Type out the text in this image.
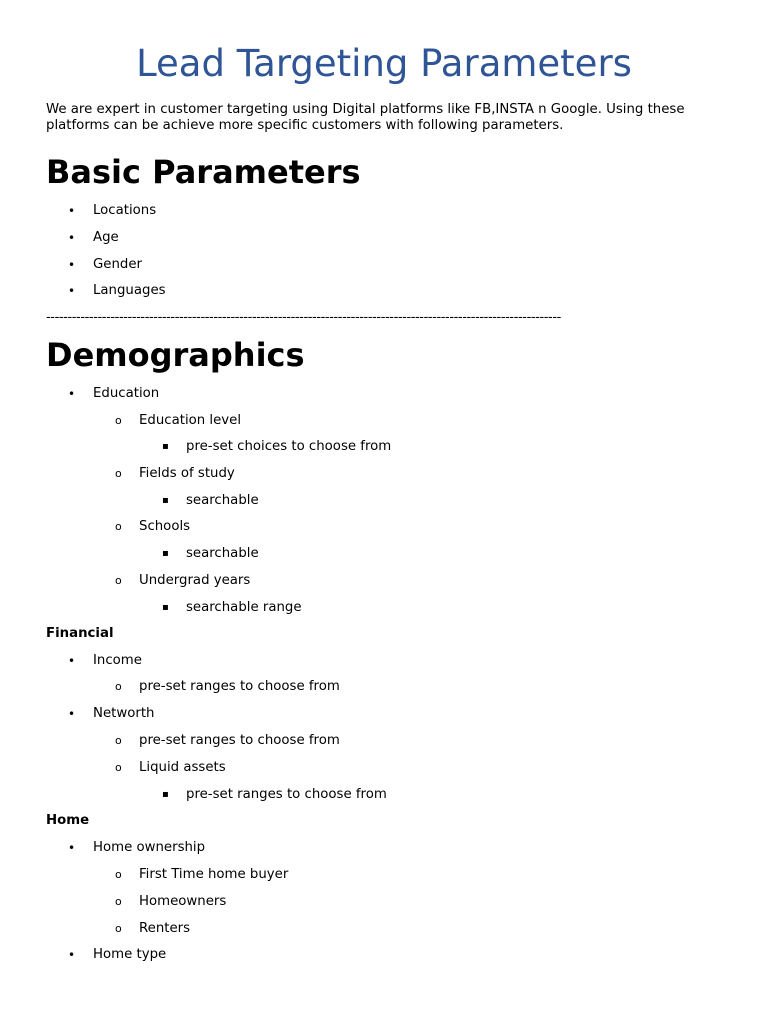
Lead Targeting Parameters

We are expert in customer targeting using Digital platforms like FB,INSTA n Google. Using these platforms can be achieve more specific customers with following parameters.

Basic Parameters
• Locations
• Age
• Gender
• Languages
------------------------------------------------------------------------------------------------------------------------
Demographics
• Education
o Education level
▪ pre-set choices to choose from
o Fields of study
▪ searchable
o Schools
▪ searchable
o Undergrad years
▪ searchable range
Financial
• Income
o pre-set ranges to choose from
• Networth
o pre-set ranges to choose from
o Liquid assets
▪ pre-set ranges to choose from
Home
• Home ownership
o First Time home buyer
o Homeowners
o Renters
• Home type
